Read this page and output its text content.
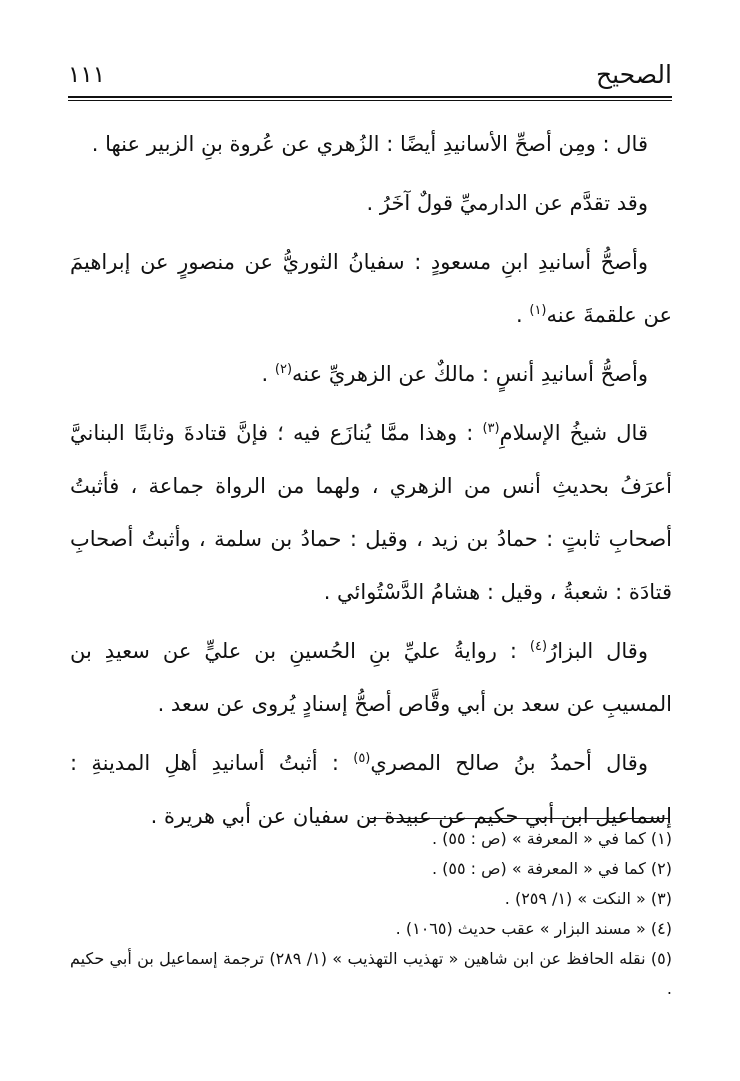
الصحيح
١١١

قال : ومِن أصحِّ الأسانيدِ أيضًا : الزُهري عن عُروة بنِ الزبير عنها .

وقد تقدَّم عن الدارميِّ قولٌ آخَرُ .

وأصحُّ أسانيدِ ابنِ مسعودٍ : سفيانُ الثوريُّ عن منصورٍ عن إبراهيمَ عن علقمةَ عنه$^{(١)}$ .

وأصحُّ أسانيدِ أنسٍ : مالكٌ عن الزهريِّ عنه$^{(٢)}$ .

قال شيخُ الإسلامِ$^{(٣)}$ : وهذا ممَّا يُنازَع فيه ؛ فإنَّ قتادةَ وثابتًا البنانيَّ أعرَفُ بحديثِ أنس من الزهري ، ولهما من الرواة جماعة ، فأثبتُ أصحابِ ثابتٍ : حمادُ بن زيد ، وقيل : حمادُ بن سلمة ، وأثبتُ أصحابِ قتادَة : شعبةُ ، وقيل : هشامُ الدَّسْتُوائي .

وقال البزارُ$^{(٤)}$ : روايةُ عليِّ بنِ الحُسينِ بن عليٍّ عن سعيدِ بن المسيبِ عن سعد بن أبي وقَّاص أصحُّ إسنادٍ يُروى عن سعد .

وقال أحمدُ بنُ صالح المصري$^{(٥)}$ : أثبتُ أسانيدِ أهلِ المدينةِ : إسماعيل ابن أبي حكيم عن عبيدة بن سفيان عن أبي هريرة .

(١) كما في « المعرفة » (ص : ٥٥) .

(٢) كما في « المعرفة » (ص : ٥٥) .

(٣) « النكت » (١/ ٢٥٩) .

(٤) « مسند البزار » عقب حديث (١٠٦٥) .

(٥) نقله الحافظ عن ابن شاهين « تهذيب التهذيب » (١/ ٢٨٩) ترجمة إسماعيل بن أبي حكيم .
